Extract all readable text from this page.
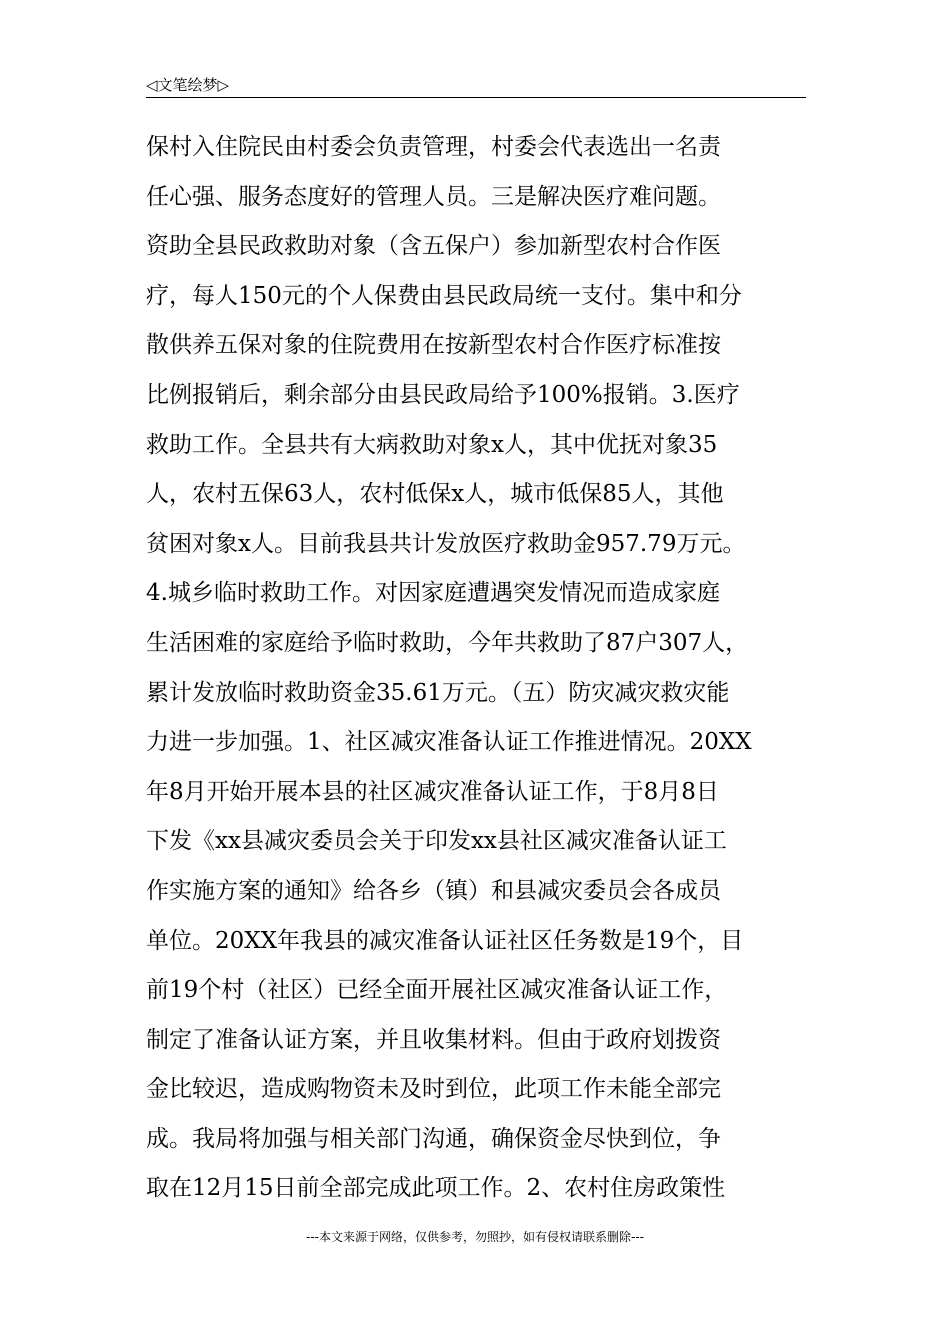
◁文笔绘梦▷
保村入住院民由村委会负责管理，村委会代表选出一名责
任心强、服务态度好的管理人员。三是解决医疗难问题。
资助全县民政救助对象（含五保户）参加新型农村合作医
疗，每人150元的个人保费由县民政局统一支付。集中和分
散供养五保对象的住院费用在按新型农村合作医疗标准按
比例报销后，剩余部分由县民政局给予100%报销。3.医疗
救助工作。全县共有大病救助对象x人，其中优抚对象35
人，农村五保63人，农村低保x人，城市低保85人，其他
贫困对象x人。目前我县共计发放医疗救助金957.79万元。
4.城乡临时救助工作。对因家庭遭遇突发情况而造成家庭
生活困难的家庭给予临时救助，今年共救助了87户307人，
累计发放临时救助资金35.61万元。（五）防灾减灾救灾能
力进一步加强。1、社区减灾准备认证工作推进情况。20XX
年8月开始开展本县的社区减灾准备认证工作，于8月8日
下发《xx县减灾委员会关于印发xx县社区减灾准备认证工
作实施方案的通知》给各乡（镇）和县减灾委员会各成员
单位。20XX年我县的减灾准备认证社区任务数是19个，目
前19个村（社区）已经全面开展社区减灾准备认证工作，
制定了准备认证方案，并且收集材料。但由于政府划拨资
金比较迟，造成购物资未及时到位，此项工作未能全部完
成。我局将加强与相关部门沟通，确保资金尽快到位，争
取在12月15日前全部完成此项工作。2、农村住房政策性
---本文来源于网络，仅供参考，勿照抄，如有侵权请联系删除---
